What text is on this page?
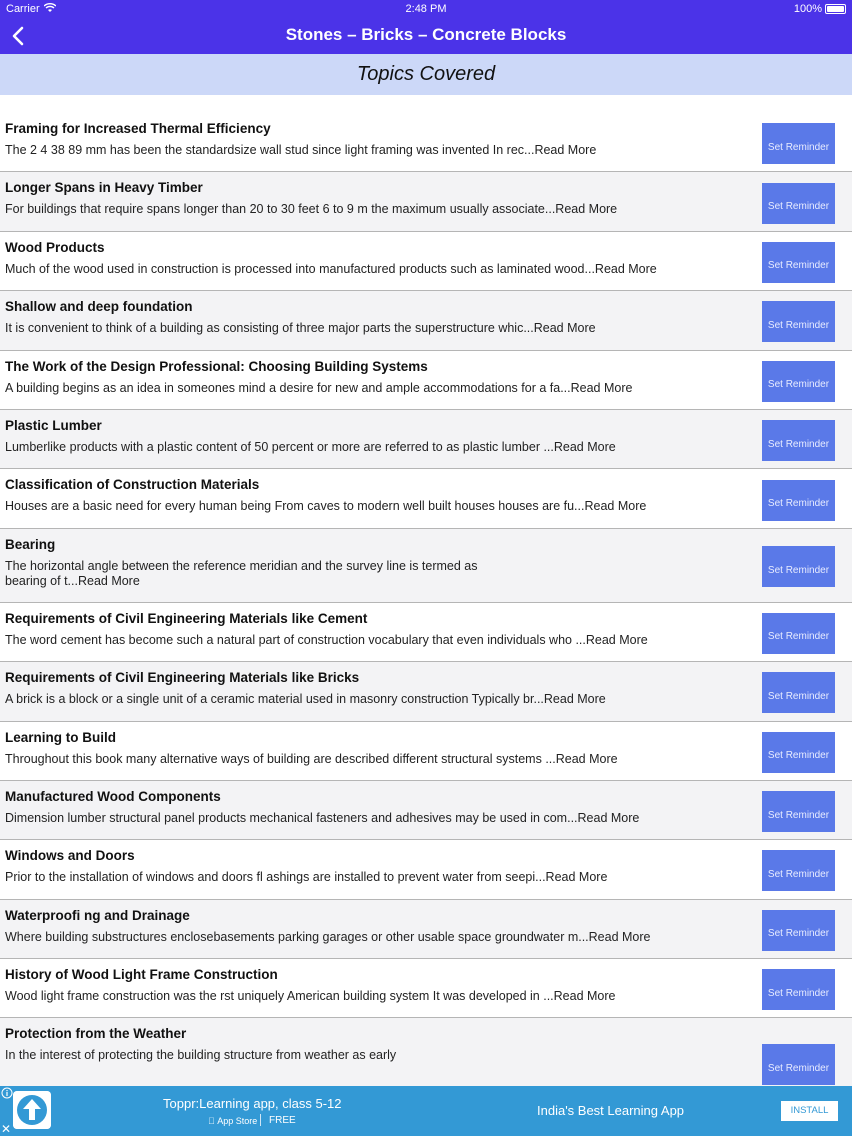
Carrier	2:48 PM	100%
Stones – Bricks – Concrete Blocks
Topics Covered
Framing for Increased Thermal Efficiency
The 2 4 38 89 mm has been the standardsize wall stud since light framing was invented In rec...Read More	Set Reminder
Longer Spans in Heavy Timber
For buildings that require spans longer than 20 to 30 feet 6 to 9 m the maximum usually associate...Read More	Set Reminder
Wood Products
Much of the wood used in construction is processed into manufactured products such as laminated wood...Read More	Set Reminder
Shallow and deep foundation
It is convenient to think of a building as consisting of three major parts the superstructure whic...Read More	Set Reminder
The Work of the Design Professional: Choosing Building Systems
A building begins as an idea in someones mind a desire for new and ample accommodations for a fa...Read More	Set Reminder
Plastic Lumber
Lumberlike products with a plastic content of 50 percent or more are referred to as plastic lumber ...Read More	Set Reminder
Classification of Construction Materials
Houses are a basic need for every human being From caves to modern well built houses houses are fu...Read More	Set Reminder
Bearing
The horizontal angle between the reference meridian and the survey line is termed as bearing of t...Read More
Set Reminder
Requirements of Civil Engineering Materials like Cement
The word cement has become such a natural part of construction vocabulary that even individuals who ...Read More	Set Reminder
Requirements of Civil Engineering Materials like Bricks
A brick is a block or a single unit of a ceramic material used in masonry construction Typically br...Read More	Set Reminder
Learning to Build
Throughout this book many alternative ways of building are described different structural systems ...Read More	Set Reminder
Manufactured Wood Components
Dimension lumber structural panel products mechanical fasteners and adhesives may be used in com...Read More	Set Reminder
Windows and Doors
Prior to the installation of windows and doors fl ashings are installed to prevent water from seepi...Read More	Set Reminder
Waterproofi ng and Drainage
Where building substructures enclosebasements parking garages or other usable space groundwater m...Read More	Set Reminder
History of Wood Light Frame Construction
Wood light frame construction was the rst uniquely American building system It was developed in ...Read More	Set Reminder
Protection from the Weather
In the interest of protecting the building structure from weather as early
Set Reminder
✕
Toppr:Learning app, class 5-12
App Store FREE
India's Best Learning App	INSTALL
